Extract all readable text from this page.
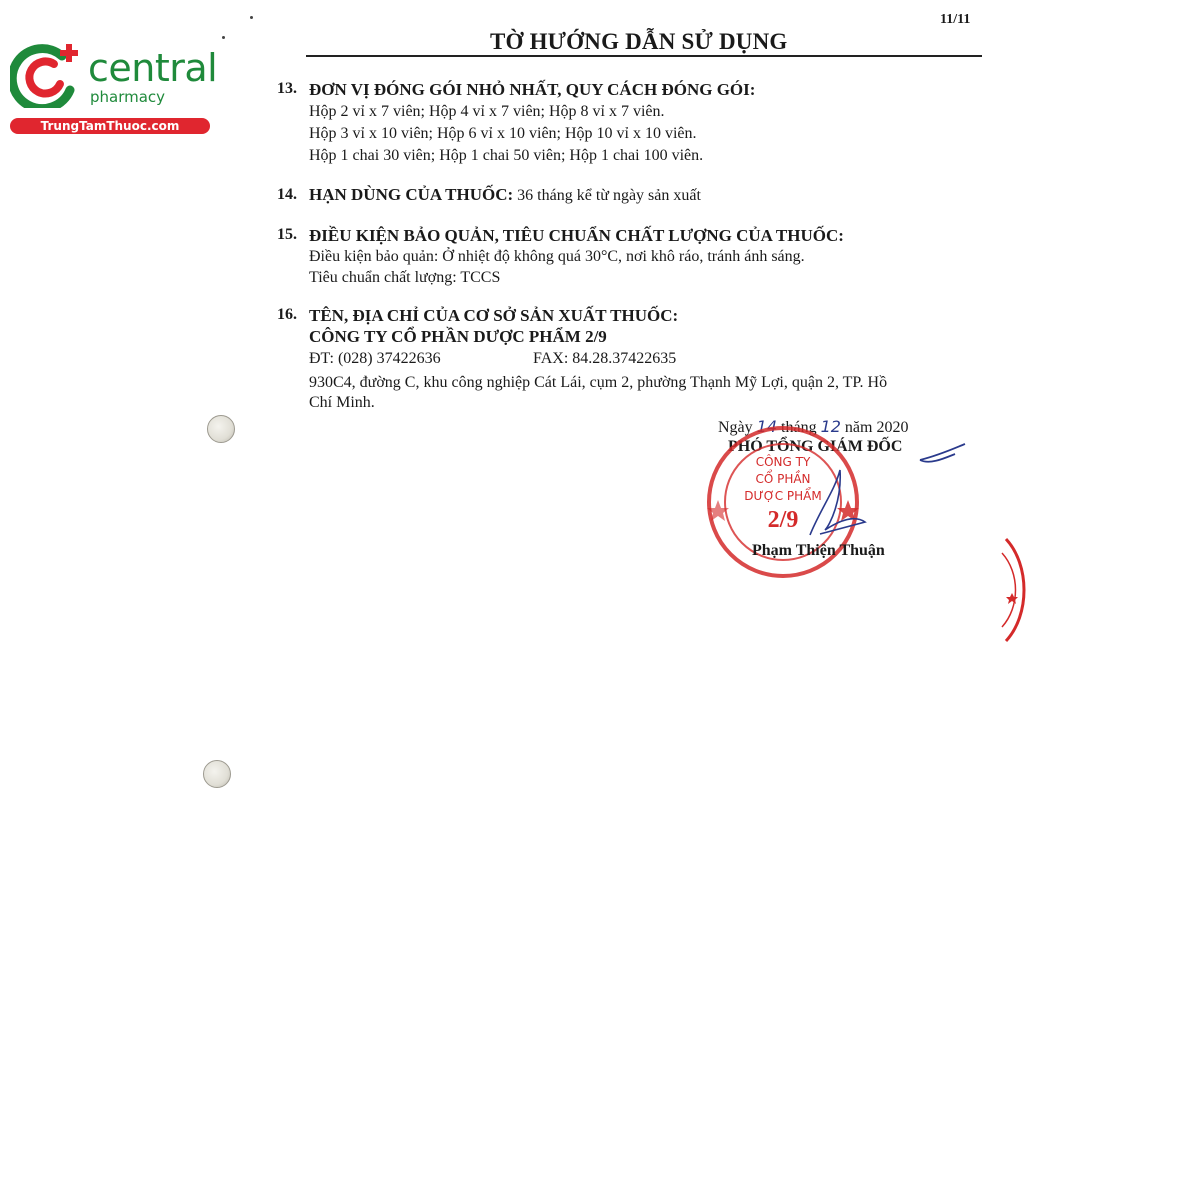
central
pharmacy
TrungTamThuoc.com
11/11
TỜ HƯỚNG DẪN SỬ DỤNG
13. ĐƠN VỊ ĐÓNG GÓI NHỎ NHẤT, QUY CÁCH ĐÓNG GÓI:
Hộp 2 vỉ x 7 viên; Hộp 4 vỉ x 7 viên; Hộp 8 vỉ x 7 viên.
Hộp 3 vỉ x 10 viên; Hộp 6 vỉ x 10 viên; Hộp 10 vỉ x 10 viên.
Hộp 1 chai 30 viên; Hộp 1 chai 50 viên; Hộp 1 chai 100 viên.
14. HẠN DÙNG CỦA THUỐC: 36 tháng kể từ ngày sản xuất
15. ĐIỀU KIỆN BẢO QUẢN, TIÊU CHUẨN CHẤT LƯỢNG CỦA THUỐC:
Điều kiện bảo quản: Ở nhiệt độ không quá 30°C, nơi khô ráo, tránh ánh sáng.
Tiêu chuẩn chất lượng: TCCS
16. TÊN, ĐỊA CHỈ CỦA CƠ SỞ SẢN XUẤT THUỐC:
CÔNG TY CỔ PHẦN DƯỢC PHẨM 2/9
ĐT: (028) 37422636	FAX: 84.28.37422635
930C4, đường C, khu công nghiệp Cát Lái, cụm 2, phường Thạnh Mỹ Lợi, quận 2, TP. Hồ
Chí Minh.
Ngày 14 tháng 12 năm 2020
PHÓ TỔNG GIÁM ĐỐC
CÔNG TY
CỔ PHẦN
DƯỢC PHẨM
2/9
Phạm Thiện Thuận
